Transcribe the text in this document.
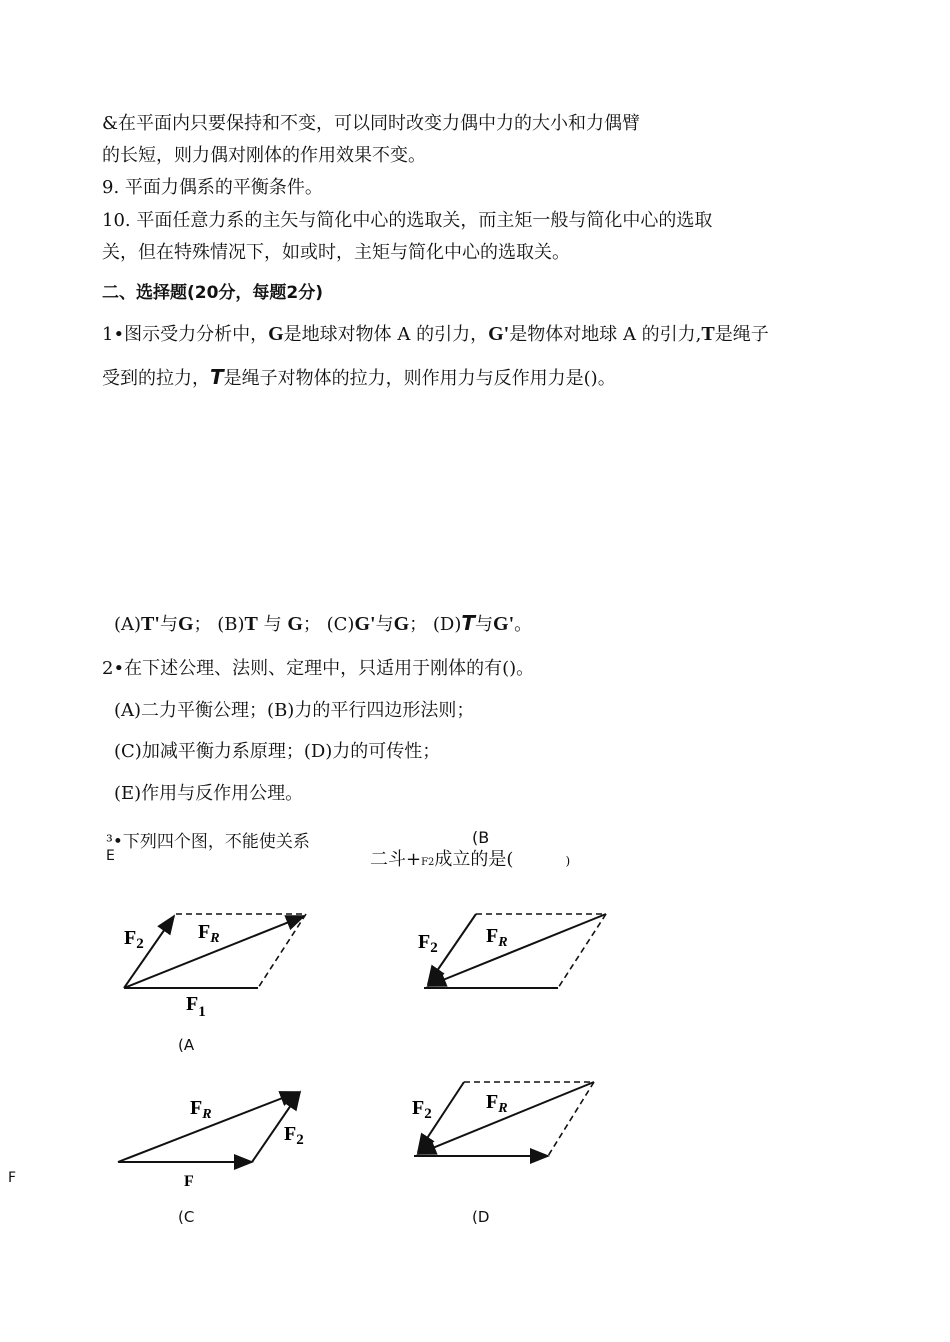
&在平面内只要保持和不变，可以同时改变力偶中力的大小和力偶臂
的长短，则力偶对刚体的作用效果不变。
9. 平面力偶系的平衡条件。
10. 平面任意力系的主矢与简化中心的选取关，而主矩一般与简化中心的选取
关，但在特殊情况下，如或时，主矩与简化中心的选取关。
二、选择题(20分，每题2分)
1•图示受力分析中，G是地球对物体 A 的引力，G'是物体对地球 A 的引力,T是绳子
受到的拉力，T是绳子对物体的拉力，则作用力与反作用力是()。
(A)T'与G； (B)T 与 G； (C)G'与G； (D)T与G'。
2•在下述公理、法则、定理中，只适用于刚体的有()。
(A)二力平衡公理；(B)力的平行四边形法则；
(C)加减平衡力系原理；(D)力的可传性；
(E)作用与反作用公理。
³•下列四个图，不能使关系
E
(B
二斗+F2成立的是(	)
F
$F_2$
$F_R$
$F_1$
(A
$F_2$
$F_R$
$F_R$
$F_2$
F
(C
$F_2$
$F_R$
(D
